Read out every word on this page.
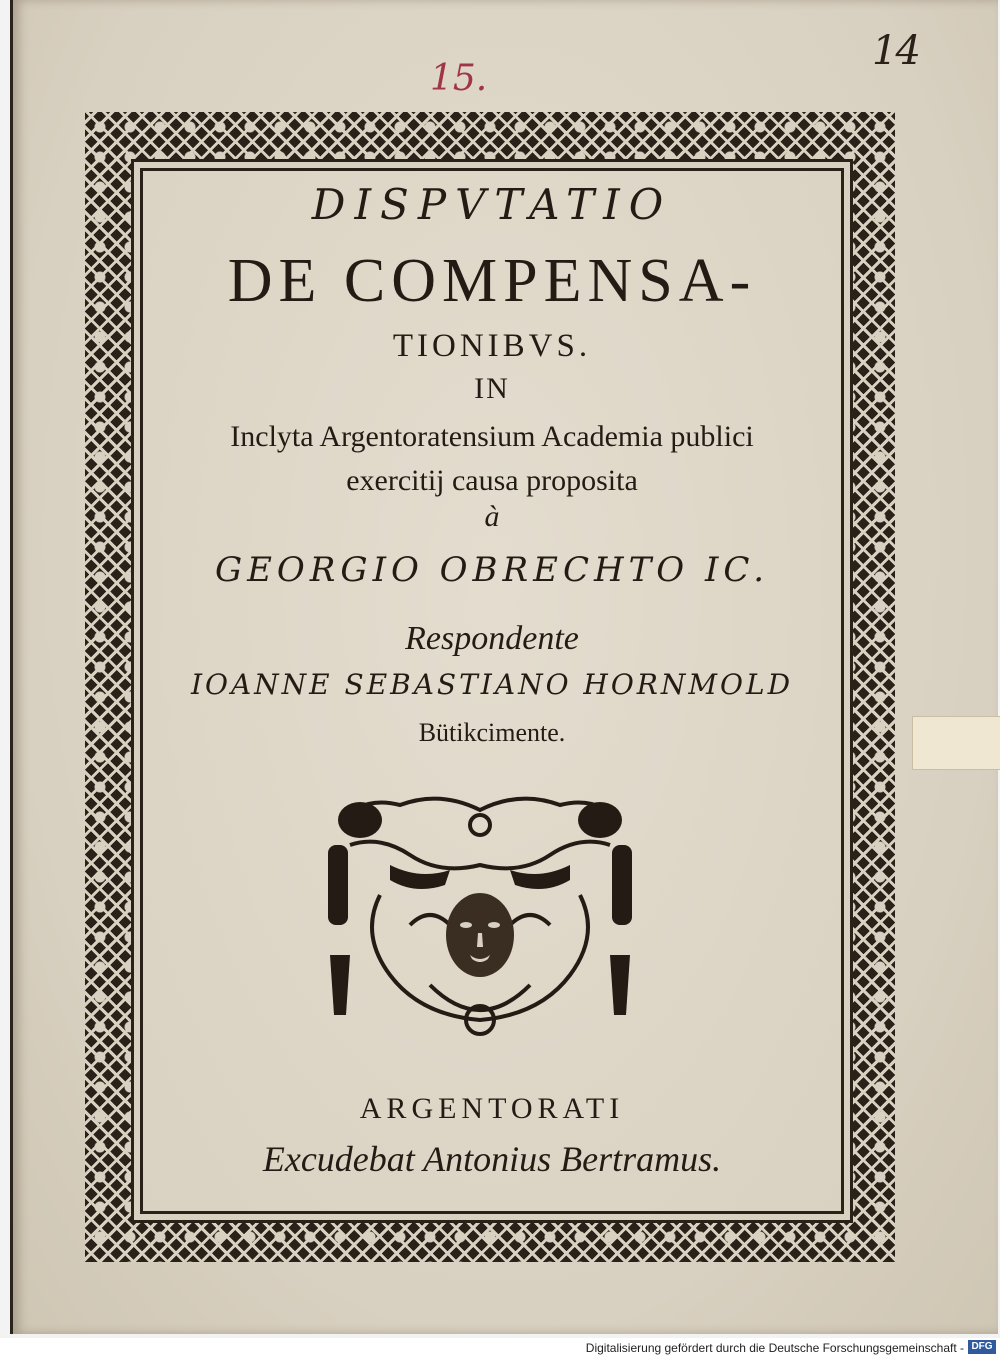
14
15.
DISPVTATIO
DE COMPENSA-
TIONIBVS.
IN
Inclyta Argentoratensium Academia publici
exercitij causa proposita
à
GEORGIO OBRECHTO IC.
Respondente
IOANNE SEBASTIANO HORNMOLD
Bütikcimente.
ARGENTORATI
Excudebat Antonius Bertramus.
Digitalisierung gefördert durch die Deutsche Forschungsgemeinschaft - DFG
